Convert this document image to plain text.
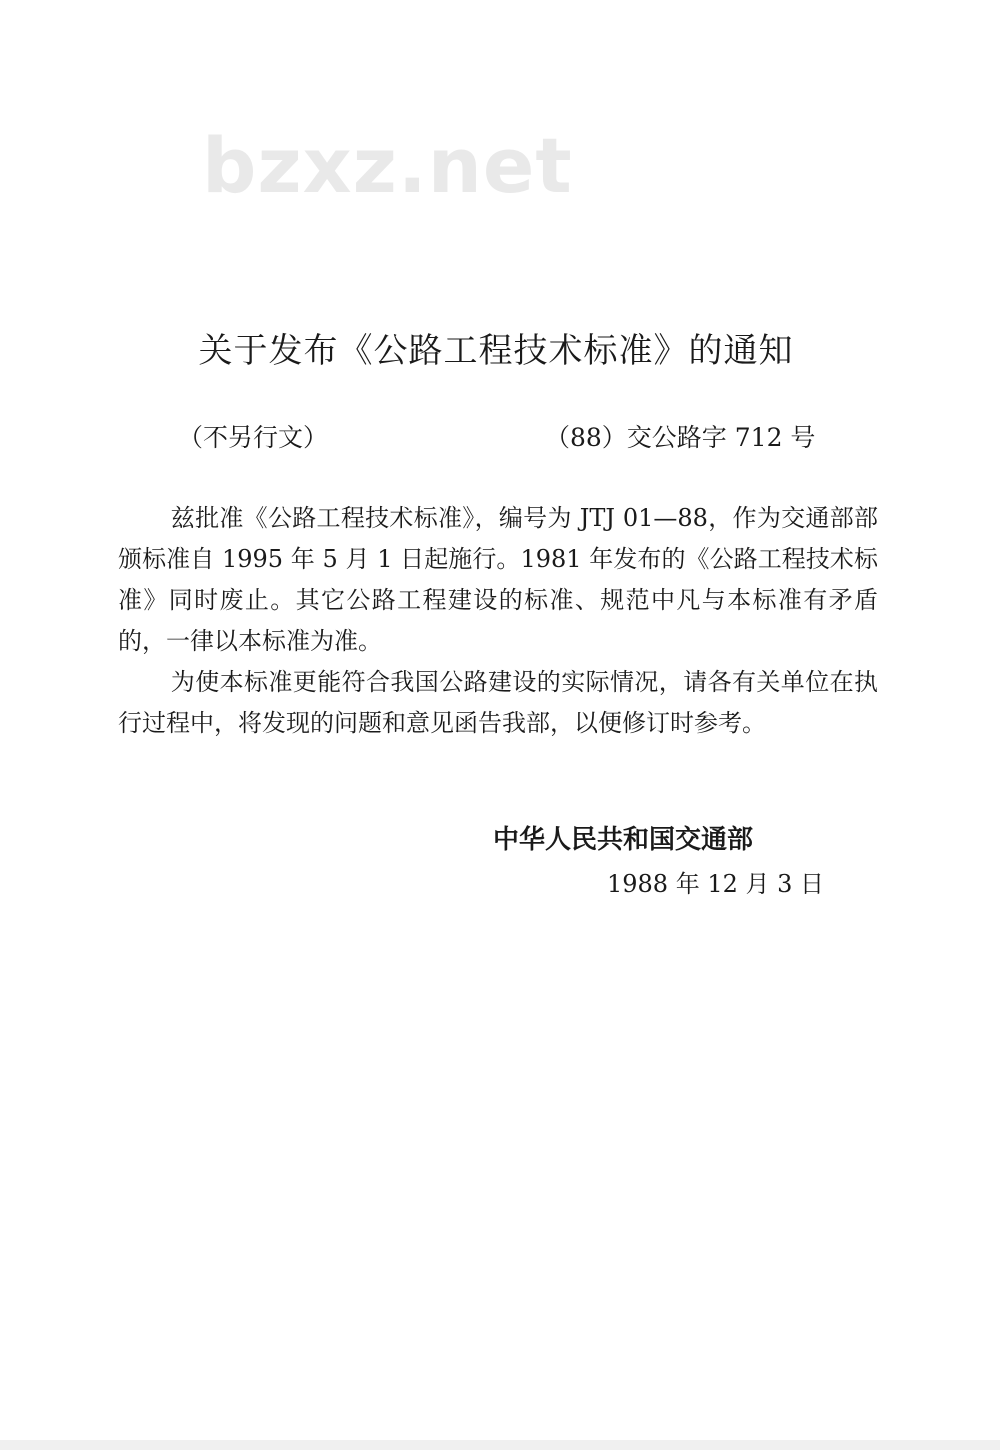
bzxz.net
关于发布《公路工程技术标准》的通知
（不另行文）	（88）交公路字 712 号

兹批准《公路工程技术标准》，编号为 JTJ 01—88，作为交通部部颁标准自 1995 年 5 月 1 日起施行。1981 年发布的《公路工程技术标准》同时废止。其它公路工程建设的标准、规范中凡与本标准有矛盾的，一律以本标准为准。

为使本标准更能符合我国公路建设的实际情况，请各有关单位在执行过程中，将发现的问题和意见函告我部，以便修订时参考。

中华人民共和国交通部
1988 年 12 月 3 日
